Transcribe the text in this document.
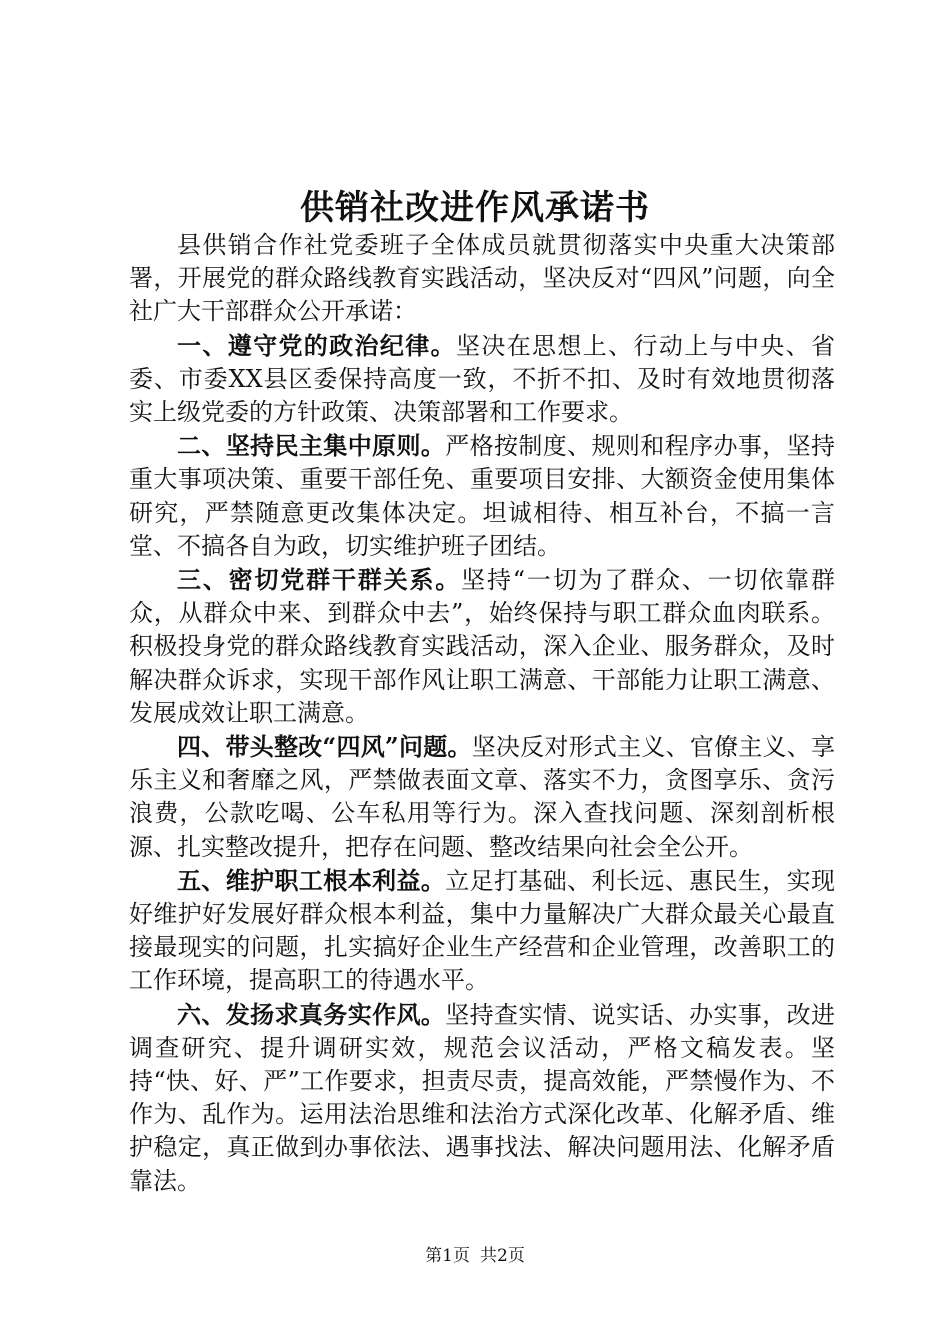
供销社改进作风承诺书

县供销合作社党委班子全体成员就贯彻落实中央重大决策部署，开展党的群众路线教育实践活动，坚决反对“四风”问题，向全社广大干部群众公开承诺：

一、遵守党的政治纪律。坚决在思想上、行动上与中央、省委、市委XX县区委保持高度一致，不折不扣、及时有效地贯彻落实上级党委的方针政策、决策部署和工作要求。

二、坚持民主集中原则。严格按制度、规则和程序办事，坚持重大事项决策、重要干部任免、重要项目安排、大额资金使用集体研究，严禁随意更改集体决定。坦诚相待、相互补台，不搞一言堂、不搞各自为政，切实维护班子团结。

三、密切党群干群关系。坚持“一切为了群众、一切依靠群众，从群众中来、到群众中去”，始终保持与职工群众血肉联系。积极投身党的群众路线教育实践活动，深入企业、服务群众，及时解决群众诉求，实现干部作风让职工满意、干部能力让职工满意、发展成效让职工满意。

四、带头整改“四风”问题。坚决反对形式主义、官僚主义、享乐主义和奢靡之风，严禁做表面文章、落实不力，贪图享乐、贪污浪费，公款吃喝、公车私用等行为。深入查找问题、深刻剖析根源、扎实整改提升，把存在问题、整改结果向社会全公开。

五、维护职工根本利益。立足打基础、利长远、惠民生，实现好维护好发展好群众根本利益，集中力量解决广大群众最关心最直接最现实的问题，扎实搞好企业生产经营和企业管理，改善职工的工作环境，提高职工的待遇水平。

六、发扬求真务实作风。坚持查实情、说实话、办实事，改进调查研究、提升调研实效，规范会议活动，严格文稿发表。坚持“快、好、严”工作要求，担责尽责，提高效能，严禁慢作为、不作为、乱作为。运用法治思维和法治方式深化改革、化解矛盾、维护稳定，真正做到办事依法、遇事找法、解决问题用法、化解矛盾靠法。

第1页 共2页
